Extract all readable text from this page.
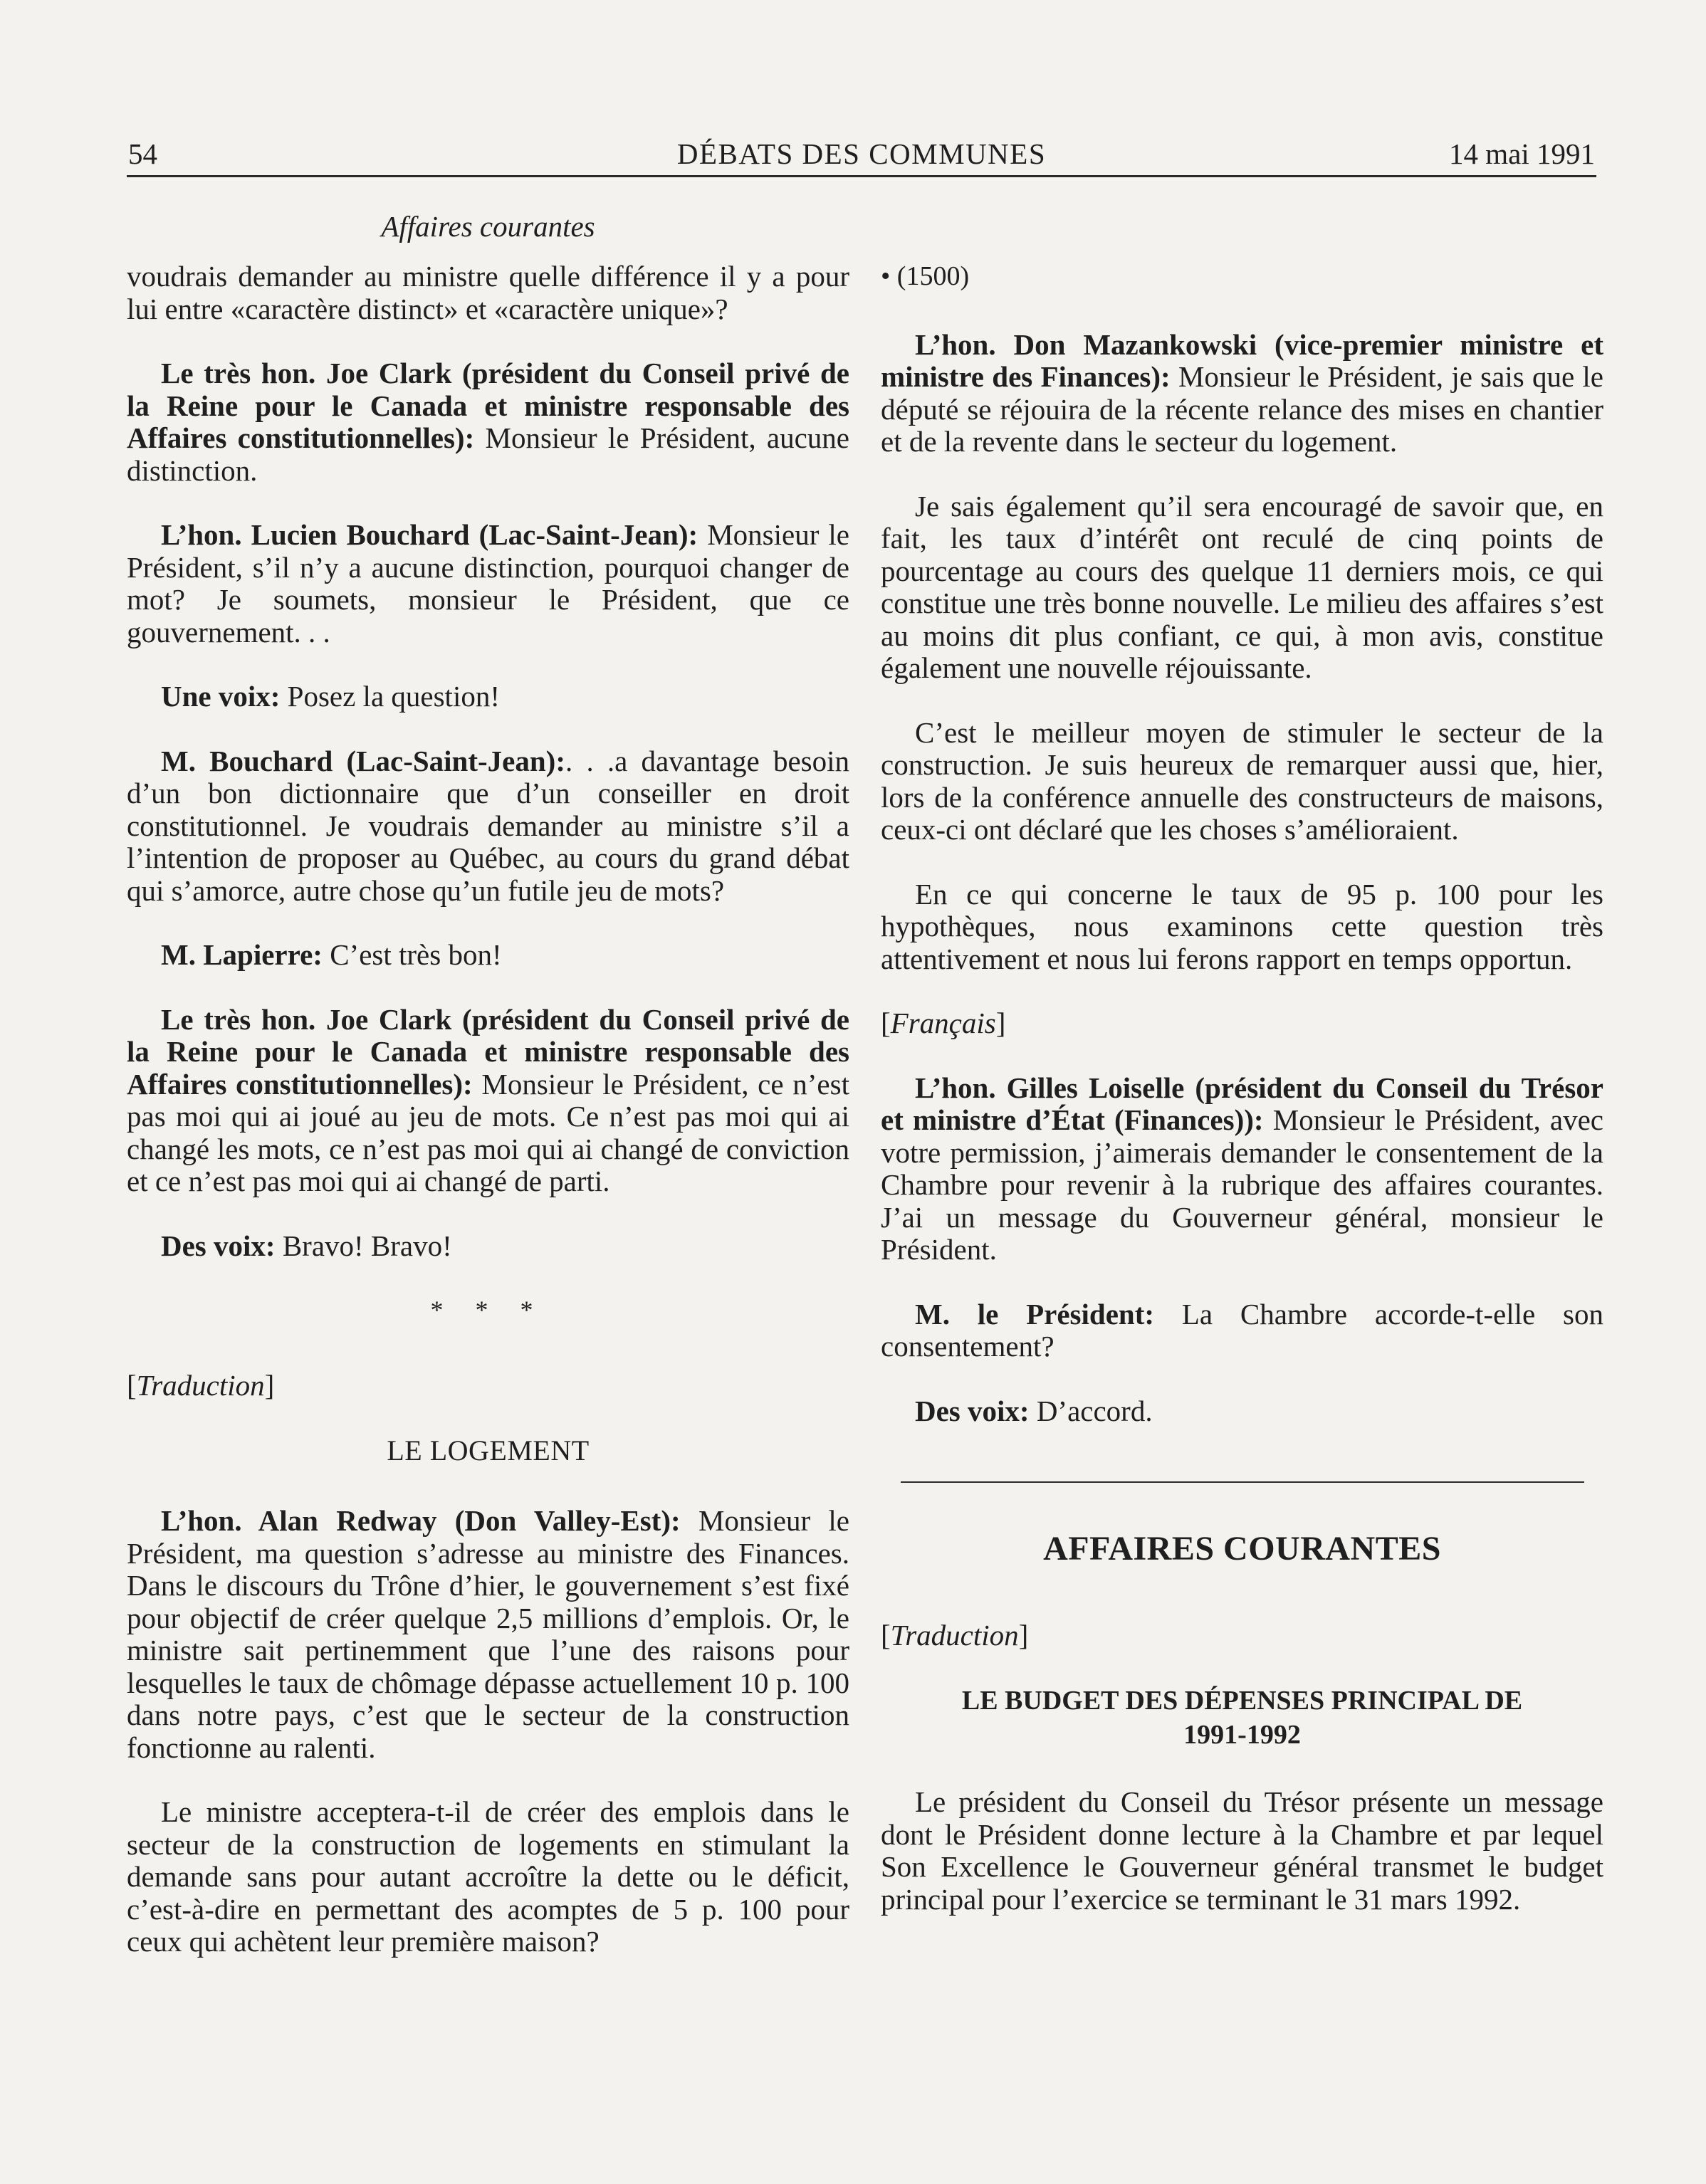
54	DÉBATS DES COMMUNES	14 mai 1991
Affaires courantes

voudrais demander au ministre quelle différence il y a pour lui entre «caractère distinct» et «caractère unique»?

Le très hon. Joe Clark (président du Conseil privé de la Reine pour le Canada et ministre responsable des Affaires constitutionnelles): Monsieur le Président, aucune distinction.

L’hon. Lucien Bouchard (Lac-Saint-Jean): Monsieur le Président, s’il n’y a aucune distinction, pourquoi changer de mot? Je soumets, monsieur le Président, que ce gouvernement. . .

Une voix: Posez la question!

M. Bouchard (Lac-Saint-Jean):. . .a davantage besoin d’un bon dictionnaire que d’un conseiller en droit constitutionnel. Je voudrais demander au ministre s’il a l’intention de proposer au Québec, au cours du grand débat qui s’amorce, autre chose qu’un futile jeu de mots?

M. Lapierre: C’est très bon!

Le très hon. Joe Clark (président du Conseil privé de la Reine pour le Canada et ministre responsable des Affaires constitutionnelles): Monsieur le Président, ce n’est pas moi qui ai joué au jeu de mots. Ce n’est pas moi qui ai changé les mots, ce n’est pas moi qui ai changé de conviction et ce n’est pas moi qui ai changé de parti.

Des voix: Bravo! Bravo!

* * *

[Traduction]

LE LOGEMENT

L’hon. Alan Redway (Don Valley-Est): Monsieur le Président, ma question s’adresse au ministre des Finances. Dans le discours du Trône d’hier, le gouvernement s’est fixé pour objectif de créer quelque 2,5 millions d’emplois. Or, le ministre sait pertinemment que l’une des raisons pour lesquelles le taux de chômage dépasse actuellement 10 p. 100 dans notre pays, c’est que le secteur de la construction fonctionne au ralenti.

Le ministre acceptera-t-il de créer des emplois dans le secteur de la construction de logements en stimulant la demande sans pour autant accroître la dette ou le déficit, c’est-à-dire en permettant des acomptes de 5 p. 100 pour ceux qui achètent leur première maison?

• (1500)

L’hon. Don Mazankowski (vice-premier ministre et ministre des Finances): Monsieur le Président, je sais que le député se réjouira de la récente relance des mises en chantier et de la revente dans le secteur du logement.

Je sais également qu’il sera encouragé de savoir que, en fait, les taux d’intérêt ont reculé de cinq points de pourcentage au cours des quelque 11 derniers mois, ce qui constitue une très bonne nouvelle. Le milieu des affaires s’est au moins dit plus confiant, ce qui, à mon avis, constitue également une nouvelle réjouissante.

C’est le meilleur moyen de stimuler le secteur de la construction. Je suis heureux de remarquer aussi que, hier, lors de la conférence annuelle des constructeurs de maisons, ceux-ci ont déclaré que les choses s’amélioraient.

En ce qui concerne le taux de 95 p. 100 pour les hypothèques, nous examinons cette question très attentivement et nous lui ferons rapport en temps opportun.

[Français]

L’hon. Gilles Loiselle (président du Conseil du Trésor et ministre d’État (Finances)): Monsieur le Président, avec votre permission, j’aimerais demander le consentement de la Chambre pour revenir à la rubrique des affaires courantes. J’ai un message du Gouverneur général, monsieur le Président.

M. le Président: La Chambre accorde-t-elle son consentement?

Des voix: D’accord.

AFFAIRES COURANTES

[Traduction]

LE BUDGET DES DÉPENSES PRINCIPAL DE
1991-1992

Le président du Conseil du Trésor présente un message dont le Président donne lecture à la Chambre et par lequel Son Excellence le Gouverneur général transmet le budget principal pour l’exercice se terminant le 31 mars 1992.
